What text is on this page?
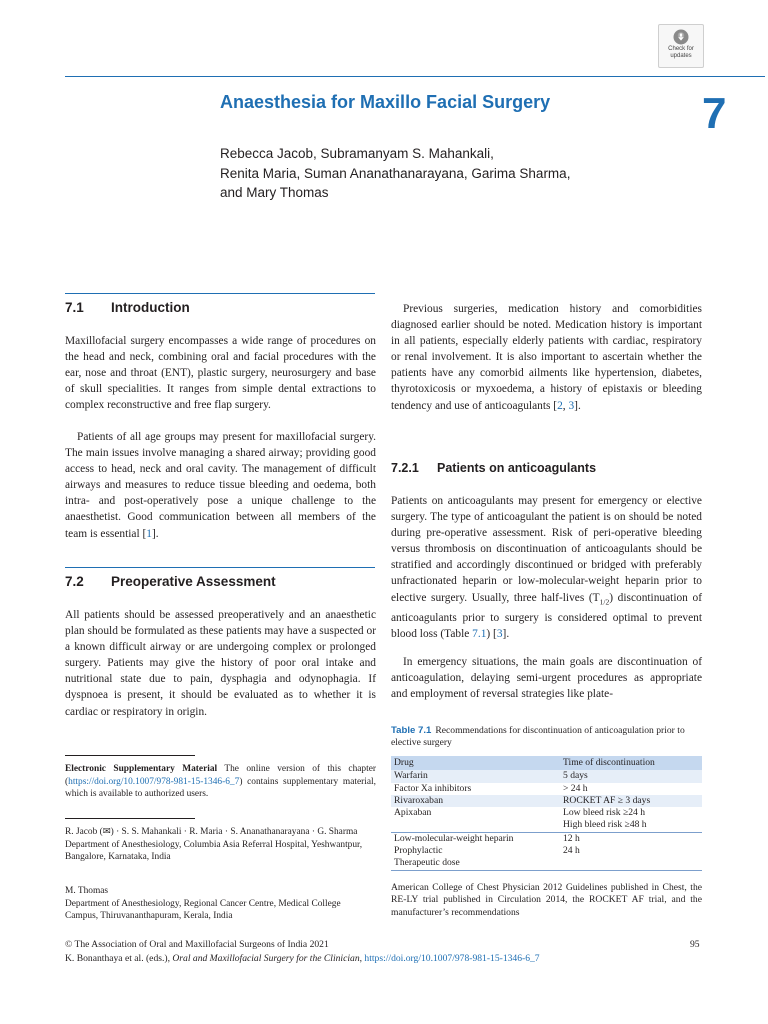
Check for
updates
Anaesthesia for Maxillo Facial Surgery	7
Rebecca Jacob, Subramanyam S. Mahankali,
Renita Maria, Suman Ananathanarayana, Garima Sharma,
and Mary Thomas
7.1 Introduction
Maxillofacial surgery encompasses a wide range of procedures on the head and neck, combining oral and facial procedures with the ear, nose and throat (ENT), plastic surgery, neurosurgery and base of skull specialities. It ranges from simple dental extractions to complex reconstructive and free flap surgery.
Patients of all age groups may present for maxillofacial surgery. The main issues involve managing a shared airway; providing good access to head, neck and oral cavity. The management of difficult airways and measures to reduce tissue bleeding and oedema, both intra- and post-operatively pose a unique challenge to the anaesthetist. Good communication between all members of the team is essential [1].
7.2 Preoperative Assessment
All patients should be assessed preoperatively and an anaesthetic plan should be formulated as these patients may have a suspected or a known difficult airway or are undergoing complex or prolonged surgery. Patients may give the history of poor oral intake and nutritional state due to pain, dysphagia and odynophagia. If dyspnoea is present, it should be evaluated as to whether it is cardiac or respiratory in origin.
Electronic Supplementary Material The online version of this chapter (https://doi.org/10.1007/978-981-15-1346-6_7) contains supplementary material, which is available to authorized users.
R. Jacob (✉) · S. S. Mahankali · R. Maria · S. Ananathanarayana · G. Sharma
Department of Anesthesiology, Columbia Asia Referral Hospital, Yeshwantpur, Bangalore, Karnataka, India
M. Thomas
Department of Anesthesiology, Regional Cancer Centre, Medical College Campus, Thiruvananthapuram, Kerala, India
Previous surgeries, medication history and comorbidities diagnosed earlier should be noted. Medication history is important in all patients, especially elderly patients with cardiac, respiratory or renal involvement. It is also important to ascertain whether the patients have any comorbid ailments like hypertension, diabetes, thyrotoxicosis or myxoedema, a history of epistaxis or bleeding tendency and use of anticoagulants [2, 3].
7.2.1 Patients on anticoagulants
Patients on anticoagulants may present for emergency or elective surgery. The type of anticoagulant the patient is on should be noted during pre-operative assessment. Risk of peri-operative bleeding versus thrombosis on discontinuation of anticoagulants should be stratified and accordingly discontinued or bridged with preferably unfractionated heparin or low-molecular-weight heparin prior to elective surgery. Usually, three half-lives $(T_{1/2})$ discontinuation of anticoagulants prior to surgery is considered optimal to prevent blood loss (Table 7.1) [3].
In emergency situations, the main goals are discontinuation of anticoagulation, delaying semi-urgent procedures as appropriate and employment of reversal strategies like plate-
Table 7.1 Recommendations for discontinuation of anticoagulation prior to elective surgery
Drug	Time of discontinuation
Warfarin	5 days
Factor Xa inhibitors	> 24 h
Rivaroxaban	ROCKET AF ≥ 3 days
Apixaban	Low bleed risk ≥24 h
	High bleed risk ≥48 h
Low-molecular-weight heparin	12 h
Prophylactic	24 h
Therapeutic dose	
American College of Chest Physician 2012 Guidelines published in Chest, the RE-LY trial published in Circulation 2014, the ROCKET AF trial, and the manufacturer’s recommendations
© The Association of Oral and Maxillofacial Surgeons of India 2021	95
K. Bonanthaya et al. (eds.), Oral and Maxillofacial Surgery for the Clinician, https://doi.org/10.1007/978-981-15-1346-6_7
